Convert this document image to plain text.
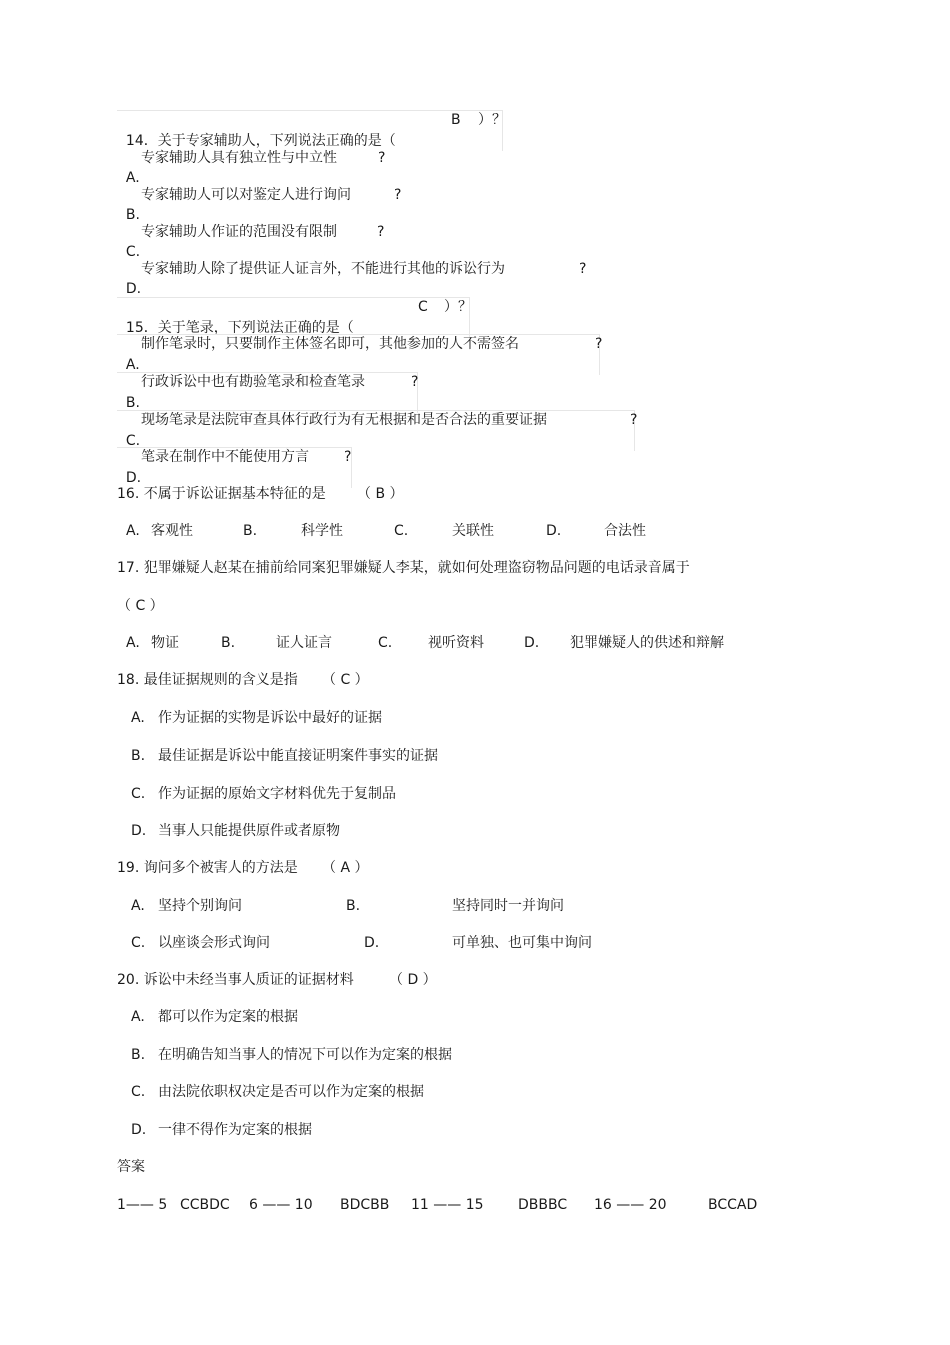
14．关于专家辅助人，下列说法正确的是（

B ）？

A.

专家辅助人具有独立性与中立性	?

B.

专家辅助人可以对鉴定人进行询问	?

C.

专家辅助人作证的范围没有限制	?

D.

专家辅助人除了提供证人证言外，不能进行其他的诉讼行为	?

15．关于笔录，下列说法正确的是（

C ）？

A.

制作笔录时，只要制作主体签名即可，其他参加的人不需签名	?

B.

行政诉讼中也有勘验笔录和检查笔录	?

C.

现场笔录是法院审查具体行政行为有无根据和是否合法的重要证据	?

D.

笔录在制作中不能使用方言	?
16. 不属于诉讼证据基本特征的是 （ B ）
A. 客观性	B.	科学性	C.	关联性	D.	合法性
17. 犯罪嫌疑人赵某在捕前给同案犯罪嫌疑人李某，就如何处理盗窃物品问题的电话录音属于
（ C ）
A. 物证	B.	证人证言	C.	视听资料	D. 犯罪嫌疑人的供述和辩解
18. 最佳证据规则的含义是指 （ C ）
A. 作为证据的实物是诉讼中最好的证据
B. 最佳证据是诉讼中能直接证明案件事实的证据
C. 作为证据的原始文字材料优先于复制品
D. 当事人只能提供原件或者原物
19. 询问多个被害人的方法是 （ A ）
A. 坚持个别询问	B.	坚持同时一并询问
C. 以座谈会形式询问	D.	可单独、也可集中询问
20. 诉讼中未经当事人质证的证据材料	（ D ）
A. 都可以作为定案的根据
B. 在明确告知当事人的情况下可以作为定案的根据
C. 由法院依职权决定是否可以作为定案的根据
D. 一律不得作为定案的根据
答案
1—— 5 CCBDC 6 —— 10 BDCBB 11 —— 15 DBBBC 16 —— 20	BCCAD
